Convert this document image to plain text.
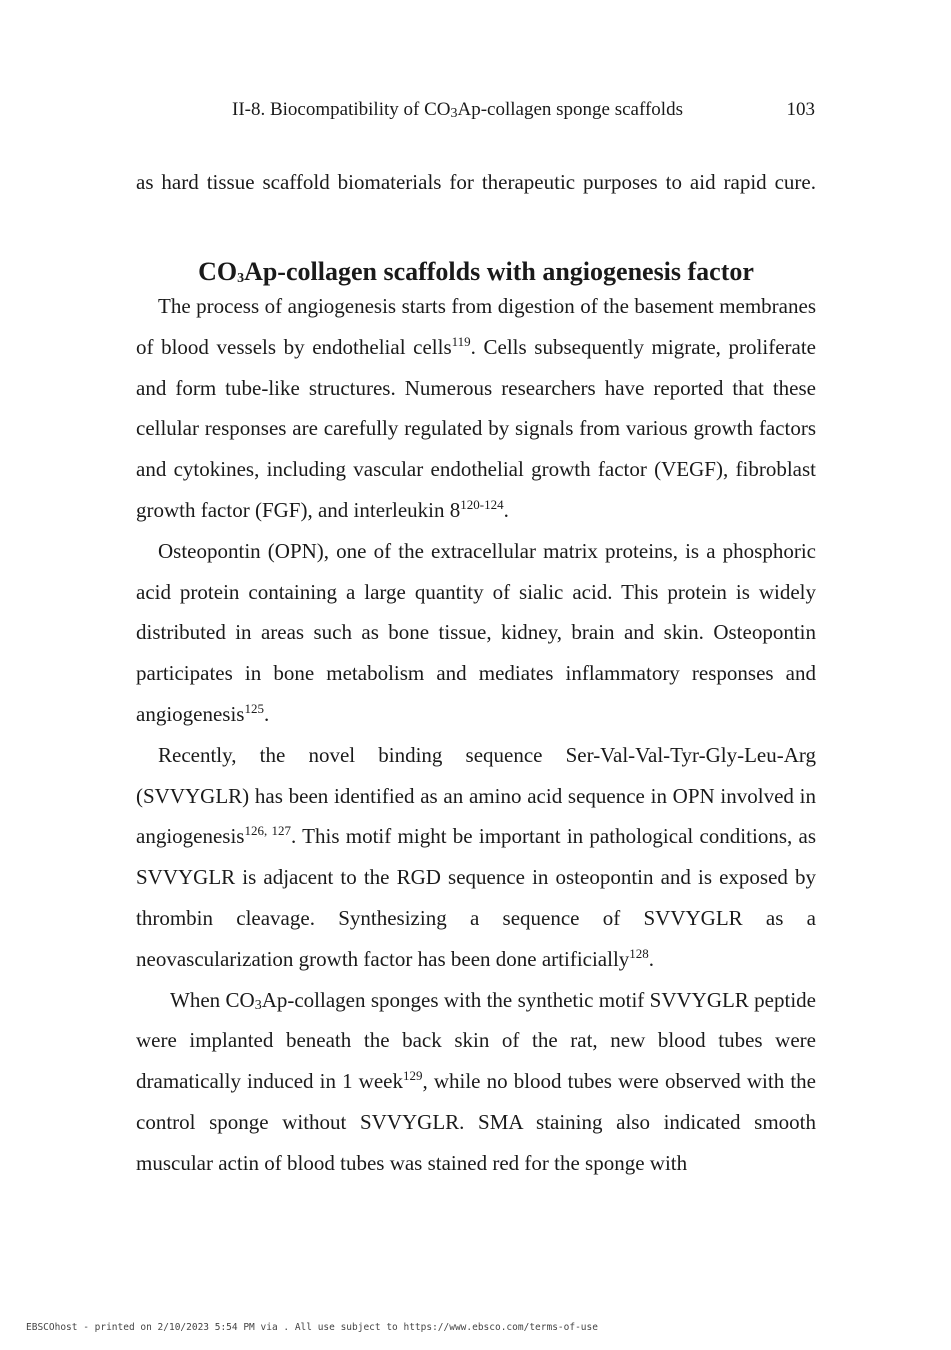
II-8. Biocompatibility of $CO_3Ap$-collagen sponge scaffolds	103
as hard tissue scaffold biomaterials for therapeutic purposes to aid rapid cure.
$CO_3Ap$-collagen scaffolds with angiogenesis factor

The process of angiogenesis starts from digestion of the basement membranes of blood vessels by endothelial cells$^{119}$. Cells subsequently migrate, proliferate and form tube-like structures. Numerous researchers have reported that these cellular responses are carefully regulated by signals from various growth factors and cytokines, including vascular endothelial growth factor (VEGF), fibroblast growth factor (FGF), and interleukin 8$^{120-124}$.

Osteopontin (OPN), one of the extracellular matrix proteins, is a phosphoric acid protein containing a large quantity of sialic acid. This protein is widely distributed in areas such as bone tissue, kidney, brain and skin. Osteopontin participates in bone metabolism and mediates inflammatory responses and angiogenesis$^{125}$.

Recently, the novel binding sequence Ser-Val-Val-Tyr-Gly-Leu-Arg (SVVYGLR) has been identified as an amino acid sequence in OPN involved in angiogenesis$^{126, 127}$. This motif might be important in pathological conditions, as SVVYGLR is adjacent to the RGD sequence in osteopontin and is exposed by thrombin cleavage. Synthesizing a sequence of SVVYGLR as a neovascularization growth factor has been done artificially$^{128}$.

When $CO_3Ap$-collagen sponges with the synthetic motif SVVYGLR peptide were implanted beneath the back skin of the rat, new blood tubes were dramatically induced in 1 week$^{129}$, while no blood tubes were observed with the control sponge without SVVYGLR. SMA staining also indicated smooth muscular actin of blood tubes was stained red for the sponge with

EBSCOhost - printed on 2/10/2023 5:54 PM via . All use subject to https://www.ebsco.com/terms-of-use
